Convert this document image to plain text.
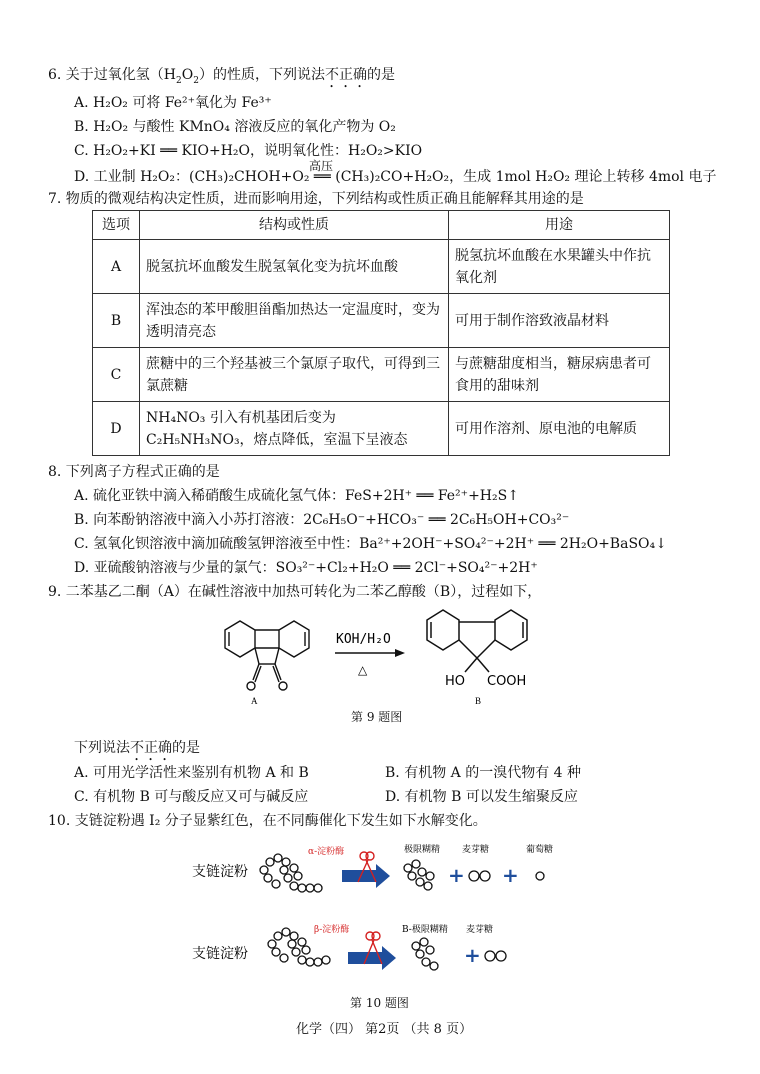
6. 关于过氧化氢$(H_2O_2)$的性质，下列说法不正确的是
A. H₂O₂ 可将 Fe²⁺氧化为 Fe³⁺
B. H₂O₂ 与酸性 KMnO₄ 溶液反应的氧化产物为 O₂
C. H₂O₂+KI ══ KIO+H₂O，说明氧化性：H₂O₂>KIO
高压
D. 工业制 H₂O₂：(CH₃)₂CHOH+O₂ ══ (CH₃)₂CO+H₂O₂，生成 1mol H₂O₂ 理论上转移 4mol 电子
7. 物质的微观结构决定性质，进而影响用途，下列结构或性质正确且能解释其用途的是
选项	结构或性质	用途
A	脱氢抗坏血酸发生脱氢氧化变为抗坏血酸	脱氢抗坏血酸在水果罐头中作抗氧化剂
B	浑浊态的苯甲酸胆甾酯加热达一定温度时，变为透明清亮态	可用于制作溶致液晶材料
C	蔗糖中的三个羟基被三个氯原子取代，可得到三氯蔗糖	与蔗糖甜度相当，糖尿病患者可食用的甜味剂
D	NH₄NO₃ 引入有机基团后变为 C₂H₅NH₃NO₃，熔点降低，室温下呈液态	可用作溶剂、原电池的电解质
8. 下列离子方程式正确的是
A. 硫化亚铁中滴入稀硝酸生成硫化氢气体：FeS+2H⁺ ══ Fe²⁺+H₂S↑
B. 向苯酚钠溶液中滴入小苏打溶液：2C₆H₅O⁻+HCO₃⁻ ══ 2C₆H₅OH+CO₃²⁻
C. 氢氧化钡溶液中滴加硫酸氢钾溶液至中性：Ba²⁺+2OH⁻+SO₄²⁻+2H⁺ ══ 2H₂O+BaSO₄↓
D. 亚硫酸钠溶液与少量的氯气：SO₃²⁻+Cl₂+H₂O ══ 2Cl⁻+SO₄²⁻+2H⁺
9. 二苯基乙二酮（A）在碱性溶液中加热可转化为二苯乙醇酸（B），过程如下，
A
KOH/H₂O
△
HO COOH
B
第 9 题图
下列说法不正确的是
A. 可用光学活性来鉴别有机物 A 和 B	B. 有机物 A 的一溴代物有 4 种
C. 有机物 B 可与酸反应又可与碱反应	D. 有机物 B 可以发生缩聚反应
10. 支链淀粉遇 I₂ 分子显紫红色，在不同酶催化下发生如下水解变化。
支链淀粉
α-淀粉酶	极限糊精 麦芽糖
+ +
葡萄糖
支链淀粉
β-淀粉酶	B-极限糊精 麦芽糖
+
第 10 题图
化学（四） 第2页 （共 8 页）
